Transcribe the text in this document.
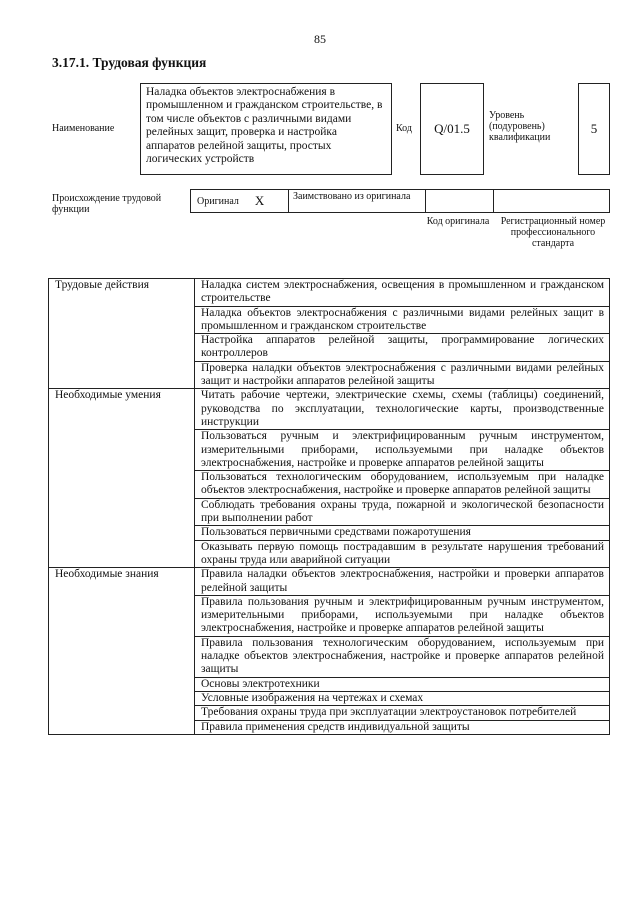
85
3.17.1. Трудовая функция
Наименование
Наладка объектов электроснабжения в промышленном и гражданском строительстве, в том числе объектов с различными видами релейных защит, проверка и настройка аппаратов релейной защиты, простых логических устройств
Код Q/01.5
Уровень (подуровень) квалификации
5
Происхождение трудовой функции
Оригинал X	Заимствовано из оригинала
Код оригинала	Регистрационный номер профессионального стандарта
Трудовые действия	Наладка систем электроснабжения, освещения в промышленном и гражданском строительстве
	Наладка объектов электроснабжения с различными видами релейных защит в промышленном и гражданском строительстве
	Настройка аппаратов релейной защиты, программирование логических контроллеров
	Проверка наладки объектов электроснабжения с различными видами релейных защит и настройки аппаратов релейной защиты
Необходимые умения	Читать рабочие чертежи, электрические схемы, схемы (таблицы) соединений, руководства по эксплуатации, технологические карты, производственные инструкции
	Пользоваться ручным и электрифицированным ручным инструментом, измерительными приборами, используемыми при наладке объектов электроснабжения, настройке и проверке аппаратов релейной защиты
	Пользоваться технологическим оборудованием, используемым при наладке объектов электроснабжения, настройке и проверке аппаратов релейной защиты
	Соблюдать требования охраны труда, пожарной и экологической безопасности при выполнении работ
	Пользоваться первичными средствами пожаротушения
	Оказывать первую помощь пострадавшим в результате нарушения требований охраны труда или аварийной ситуации
Необходимые знания	Правила наладки объектов электроснабжения, настройки и проверки аппаратов релейной защиты
	Правила пользования ручным и электрифицированным ручным инструментом, измерительными приборами, используемыми при наладке объектов электроснабжения, настройке и проверке аппаратов релейной защиты
	Правила пользования технологическим оборудованием, используемым при наладке объектов электроснабжения, настройке и проверке аппаратов релейной защиты
	Основы электротехники
	Условные изображения на чертежах и схемах
	Требования охраны труда при эксплуатации электроустановок потребителей
	Правила применения средств индивидуальной защиты
